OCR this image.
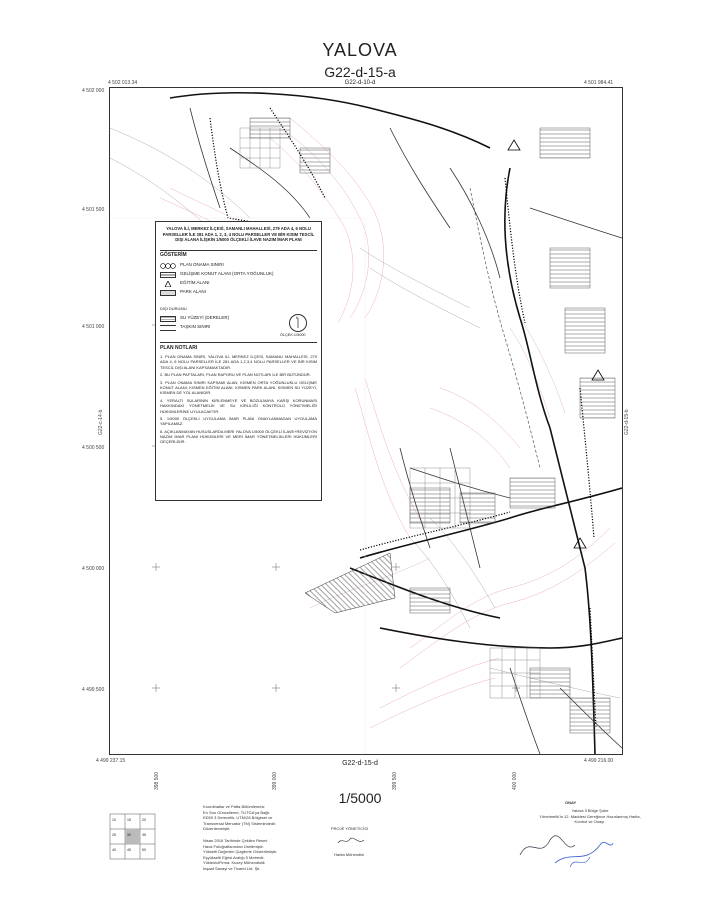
YALOVA
G22-d-15-a
G22-d-10-d
4 502 013.34	4 501 984.41
4 499 237.15	4 499 216.00
4 502 000
4 501 500
4 501 000
4 500 500
4 500 000
4 499 500
398 500	399 000	399 500	400 000
G22-c-14-b	G22-d-15-b
YALOVA İLİ, MERKEZ İLÇESİ, SAMANLI MAHALLESİ, 279 ADA 4, 6 NOLU PARSELLER İLE 281 ADA 1, 2, 3, 4 NOLU PARSELLER VE BİR KISIM TESCİL DIŞI ALANA İLİŞKİN 1/5000 ÖLÇEKLİ İLAVE NAZIM İMAR PLANI
GÖSTERİM
PLAN ONAMA SINIRI
GELİŞME KONUT ALANI (ORTA YOĞUNLUK)
EĞİTİM ALANI
PARK ALANI
DIŞI DURUMU
SU YÜZEYİ (DERELER)
TAŞKIN SINIRI
K
ÖLÇEK:1/5000
PLAN NOTLARI

1. PLAN ONAMA SINIRI, YALOVA İLİ, MERKEZ İLÇESİ, SAMANLI MAHALLESİ, 279 ADA 4, 6 NOLU PARSELLER İLE 281 ADA 1,2,3,4 NOLU PARSELLER VE BİR KISIM TESCİL DIŞI ALANI KAPSAMAKTADIR.

2. BU PLAN PAFTALARI, PLAN RAPORU VE PLAN NOTLARI İLE BİR BÜTÜNDÜR.

3. PLAN ONAMA SINIRI KAPSAMI ALAN, KISMEN ORTA YOĞUNLUKLU GELİŞME KONUT ALANI, KISMEN EĞİTİM ALANI, KISMEN PARK ALANI, KISMEN SU YÜZEYİ, KISMEN DE YOL ALANIDIR.

4. YERALTI SULARININ KİRLENMEYE VE BOZULMAYA KARŞI KORUNMASI HAKKINDAKİ YÖNETMELİK VE SU KİRLİLİĞİ KONTROLÜ YÖNETMELİĞİ HÜKÜMLERİNE UYULACAKTIR.

5. 1/5000 ÖLÇEKLİ UYGULAMA İMAR PLANI ONAYLANMADAN UYGULAMA YAPILAMAZ.

6. AÇIKLANMAYAN HUSUSLARDA MERİ YALOVA 1/5000 ÖLÇEKLİ İLAVE+REVİZYON NAZIM İMAR PLANI HÜKÜMLERİ VE MERİ İMAR YÖNETMELİKLERİ HÜKÜMLERİ GEÇERLİDİR.

G22-d-15-d
1/5000
10	15	20
25	30	35
40	45	50
Koordinatlar ve Pafta Bölümlemesi
En Son Güncelleme, TUTGA'ya Bağlı
ED50 3 Derecelik, UTM/28 Bölgesel ve
Transversal Mercator (TM) Sistemindedir.
Düzenlenmiştir.
Nisan 2016 Tarihinde Çekilen Resmi
Hava Fotoğraflarından Üretilmiştir.
Yükselti Değerleri Çizgilerle Gösterilmiştir.
Eşyükselti Eğrisi Aralığı 5 Metredir.
YükleniciFirma: Kuzey Mühendislik
İnşaat Sanayi ve Ticaret Ltd. Şti.
PROJE YÖNETİCİSİ
Harita Mühendisi
ONAY
Yalova İl Bölge Şube
Yönetmelik'in 12. Maddesi Gereğince Hazırlanmış Harita,
Kontrol ve Onayı.
